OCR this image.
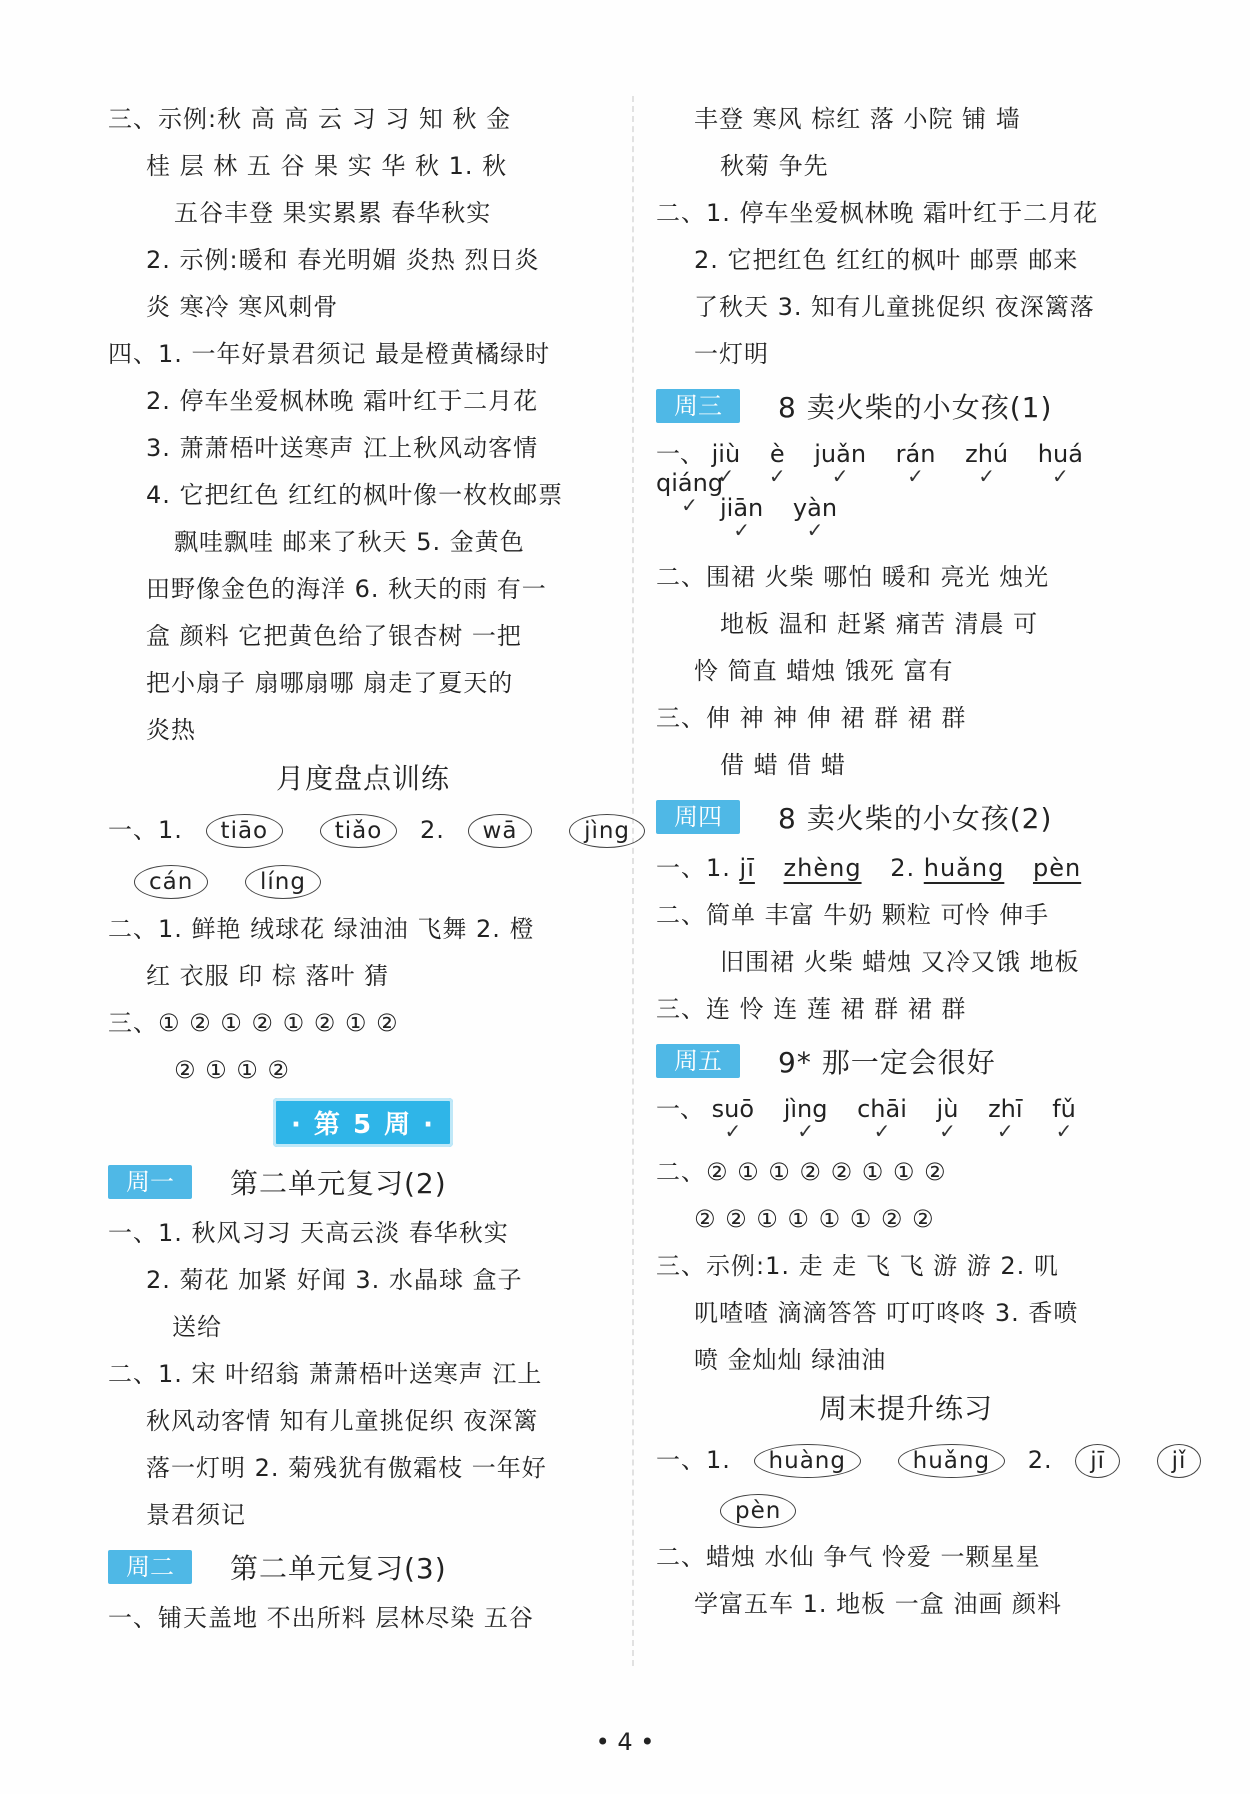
三、示例:秋 高 高 云 习 习 知 秋 金
桂 层 林 五 谷 果 实 华 秋 1. 秋
五谷丰登 果实累累 春华秋实
2. 示例:暖和 春光明媚 炎热 烈日炎
炎 寒冷 寒风刺骨
四、1. 一年好景君须记 最是橙黄橘绿时
2. 停车坐爱枫林晚 霜叶红于二月花
3. 萧萧梧叶送寒声 江上秋风动客情
4. 它把红色 红红的枫叶像一枚枚邮票
飘哇飘哇 邮来了秋天 5. 金黄色
田野像金色的海洋 6. 秋天的雨 有一
盒 颜料 它把黄色给了银杏树 一把
把小扇子 扇哪扇哪 扇走了夏天的
炎热
月度盘点训练
一、1. tiāo	tiǎo 2. wā	jìng
cán	líng
二、1. 鲜艳 绒球花 绿油油 飞舞 2. 橙
红 衣服 印 棕 落叶 猜
三、① ② ① ② ① ② ① ②
② ① ① ②
· 第 5 周 ·
周一	第二单元复习(2)
一、1. 秋风习习 天高云淡 春华秋实
2. 菊花 加紧 好闻 3. 水晶球 盒子
送给
二、1. 宋 叶绍翁 萧萧梧叶送寒声 江上
秋风动客情 知有儿童挑促织 夜深篱
落一灯明 2. 菊残犹有傲霜枝 一年好
景君须记
周二	第二单元复习(3)
一、铺天盖地 不出所料 层林尽染 五谷
丰登 寒风 棕红 落 小院 铺 墙
秋菊 争先
二、1. 停车坐爱枫林晚 霜叶红于二月花
2. 它把红色 红红的枫叶 邮票 邮来
了秋天 3. 知有儿童挑促织 夜深篱落
一灯明
周三	8 卖火柴的小女孩(1)
一、 jiù ✓ è ✓ juǎn ✓ rán ✓ zhú ✓ huá ✓ qiáng ✓
jiān ✓ yàn ✓
二、围裙 火柴 哪怕 暖和 亮光 烛光
地板 温和 赶紧 痛苦 清晨 可
怜 简直 蜡烛 饿死 富有
三、伸 神 神 伸 裙 群 裙 群
借 蜡 借 蜡
周四	8 卖火柴的小女孩(2)
一、1. jī zhèng 2. huǎng pèn
二、简单 丰富 牛奶 颗粒 可怜 伸手
旧围裙 火柴 蜡烛 又冷又饿 地板
三、连 怜 连 莲 裙 群 裙 群
周五	9* 那一定会很好
一、 suō ✓ jìng ✓ chāi ✓ jù ✓ zhī ✓ fǔ ✓
二、② ① ① ② ② ① ① ②
② ② ① ① ① ① ② ②
三、示例:1. 走 走 飞 飞 游 游 2. 叽
叽喳喳 滴滴答答 叮叮咚咚 3. 香喷
喷 金灿灿 绿油油
周末提升练习
一、1. huàng	huǎng 2. jī	jǐ
pèn
二、蜡烛 水仙 争气 怜爱 一颗星星
学富五车 1. 地板 一盒 油画 颜料
• 4 •
